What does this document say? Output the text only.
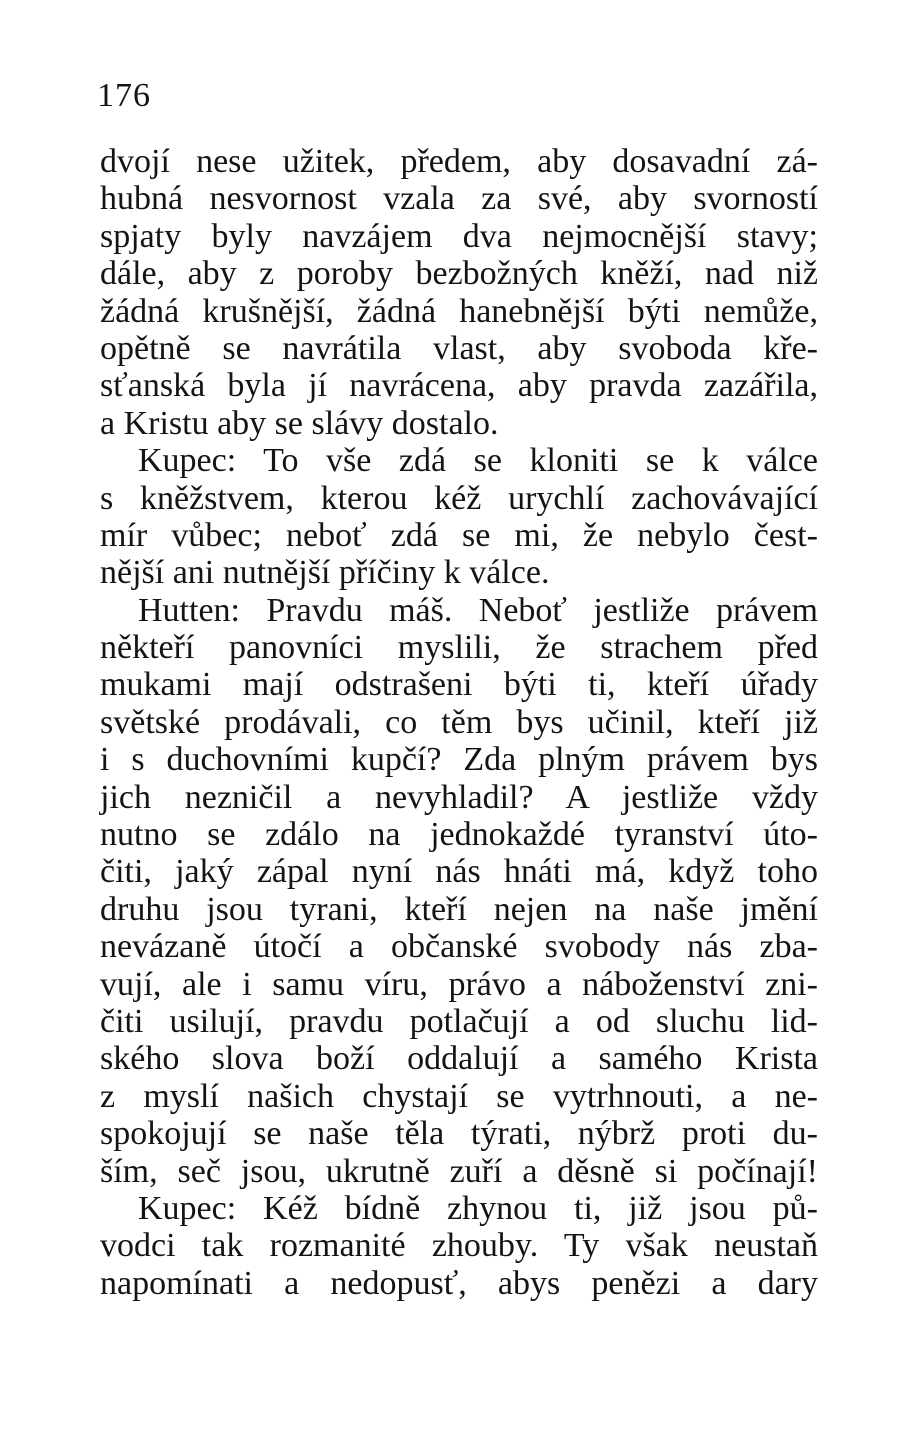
176
dvojí nese užitek, předem, aby dosavadní zá-
hubná nesvornost vzala za své, aby svorností
spjaty byly navzájem dva nejmocnější stavy;
dále, aby z poroby bezbožných kněží, nad niž
žádná krušnější, žádná hanebnější býti nemůže,
opětně se navrátila vlast, aby svoboda kře-
sťanská byla jí navrácena, aby pravda zazářila,
a Kristu aby se slávy dostalo.
Kupec: To vše zdá se kloniti se k válce
s kněžstvem, kterou kéž urychlí zachovávající
mír vůbec; neboť zdá se mi, že nebylo čest-
nější ani nutnější příčiny k válce.
Hutten: Pravdu máš. Neboť jestliže právem
někteří panovníci myslili, že strachem před
mukami mají odstrašeni býti ti, kteří úřady
světské prodávali, co těm bys učinil, kteří již
i s duchovními kupčí? Zda plným právem bys
jich nezničil a nevyhladil? A jestliže vždy
nutno se zdálo na jednokaždé tyranství úto-
čiti, jaký zápal nyní nás hnáti má, když toho
druhu jsou tyrani, kteří nejen na naše jmění
nevázaně útočí a občanské svobody nás zba-
vují, ale i samu víru, právo a náboženství zni-
čiti usilují, pravdu potlačují a od sluchu lid-
ského slova boží oddalují a samého Krista
z myslí našich chystají se vytrhnouti, a ne-
spokojují se naše těla týrati, nýbrž proti du-
ším, seč jsou, ukrutně zuří a děsně si počínají!
Kupec: Kéž bídně zhynou ti, již jsou pů-
vodci tak rozmanité zhouby. Ty však neustaň
napomínati a nedopusť, abys penězi a dary
